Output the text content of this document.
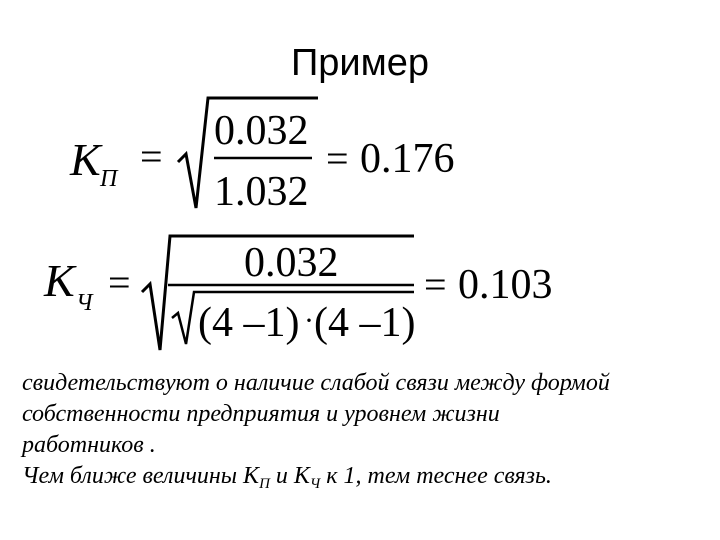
Пример
K П =
0.032
1.032
= 0.176
K Ч =	0.032
(4 –1) · (4 –1)
= 0.103
свидетельствуют о наличие слабой связи между формой
собственности предприятия и уровнем жизни
работников .
Чем ближе величины $K_П$ и $K_Ч$ к 1, тем теснее связь.
